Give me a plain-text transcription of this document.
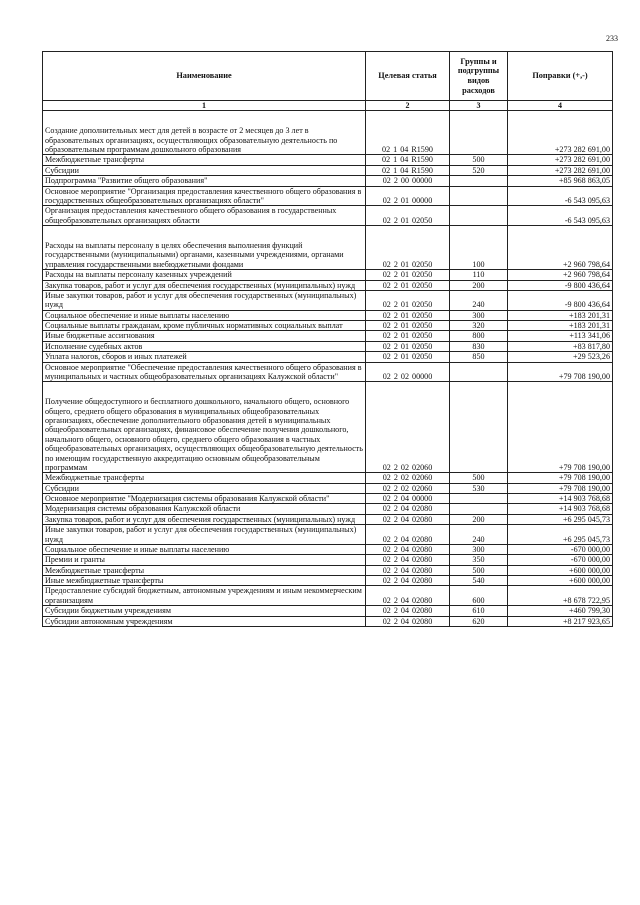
233
Наименование	Целевая статья	Группы и подгруппы видов расходов	Поправки (+,-)
1	2	3	4

Создание дополнительных мест для детей в возрасте от 2 месяцев до 3 лет в образовательных организациях, осуществляющих образовательную деятельность по образовательным программам дошкольного образования	02 1 04 R1590		+273 282 691,00
Межбюджетные трансферты	02 1 04 R1590	500	+273 282 691,00
Субсидии	02 1 04 R1590	520	+273 282 691,00
Подпрограмма "Развитие общего образования"	02 2 00 00000		+85 968 863,05
Основное мероприятие "Организация предоставления качественного общего образования в государственных общеобразовательных организациях области"	02 2 01 00000		-6 543 095,63
Организация предоставления качественного общего образования в государственных общеобразовательных организациях области	02 2 01 02050		-6 543 095,63

Расходы на выплаты персоналу в целях обеспечения выполнения функций государственными (муниципальными) органами, казенными учреждениями, органами управления государственными внебюджетными фондами	02 2 01 02050	100	+2 960 798,64
Расходы на выплаты персоналу казенных учреждений	02 2 01 02050	110	+2 960 798,64
Закупка товаров, работ и услуг для обеспечения государственных (муниципальных) нужд	02 2 01 02050	200	-9 800 436,64
Иные закупки товаров, работ и услуг для обеспечения государственных (муниципальных) нужд	02 2 01 02050	240	-9 800 436,64
Социальное обеспечение и иные выплаты населению	02 2 01 02050	300	+183 201,31
Социальные выплаты гражданам, кроме публичных нормативных социальных выплат	02 2 01 02050	320	+183 201,31
Иные бюджетные ассигнования	02 2 01 02050	800	+113 341,06
Исполнение судебных актов	02 2 01 02050	830	+83 817,80
Уплата налогов, сборов и иных платежей	02 2 01 02050	850	+29 523,26
Основное мероприятие "Обеспечение предоставления качественного общего образования в муниципальных и частных общеобразовательных организациях Калужской области"	02 2 02 00000		+79 708 190,00

Получение общедоступного и бесплатного дошкольного, начального общего, основного общего, среднего общего образования в муниципальных общеобразовательных организациях, обеспечение дополнительного образования детей в муниципальных общеобразовательных организациях, финансовое обеспечение получения дошкольного, начального общего, основного общего, среднего общего образования в частных общеобразовательных организациях, осуществляющих общеобразовательную деятельность по имеющим государственную аккредитацию основным общеобразовательным программам	02 2 02 02060		+79 708 190,00
Межбюджетные трансферты	02 2 02 02060	500	+79 708 190,00
Субсидии	02 2 02 02060	530	+79 708 190,00
Основное мероприятие "Модернизация системы образования Калужской области"	02 2 04 00000		+14 903 768,68
Модернизация системы образования Калужской области	02 2 04 02080		+14 903 768,68
Закупка товаров, работ и услуг для обеспечения государственных (муниципальных) нужд	02 2 04 02080	200	+6 295 045,73
Иные закупки товаров, работ и услуг для обеспечения государственных (муниципальных) нужд	02 2 04 02080	240	+6 295 045,73
Социальное обеспечение и иные выплаты населению	02 2 04 02080	300	-670 000,00
Премии и гранты	02 2 04 02080	350	-670 000,00
Межбюджетные трансферты	02 2 04 02080	500	+600 000,00
Иные межбюджетные трансферты	02 2 04 02080	540	+600 000,00
Предоставление субсидий бюджетным, автономным учреждениям и иным некоммерческим организациям	02 2 04 02080	600	+8 678 722,95
Субсидии бюджетным учреждениям	02 2 04 02080	610	+460 799,30
Субсидии автономным учреждениям	02 2 04 02080	620	+8 217 923,65
